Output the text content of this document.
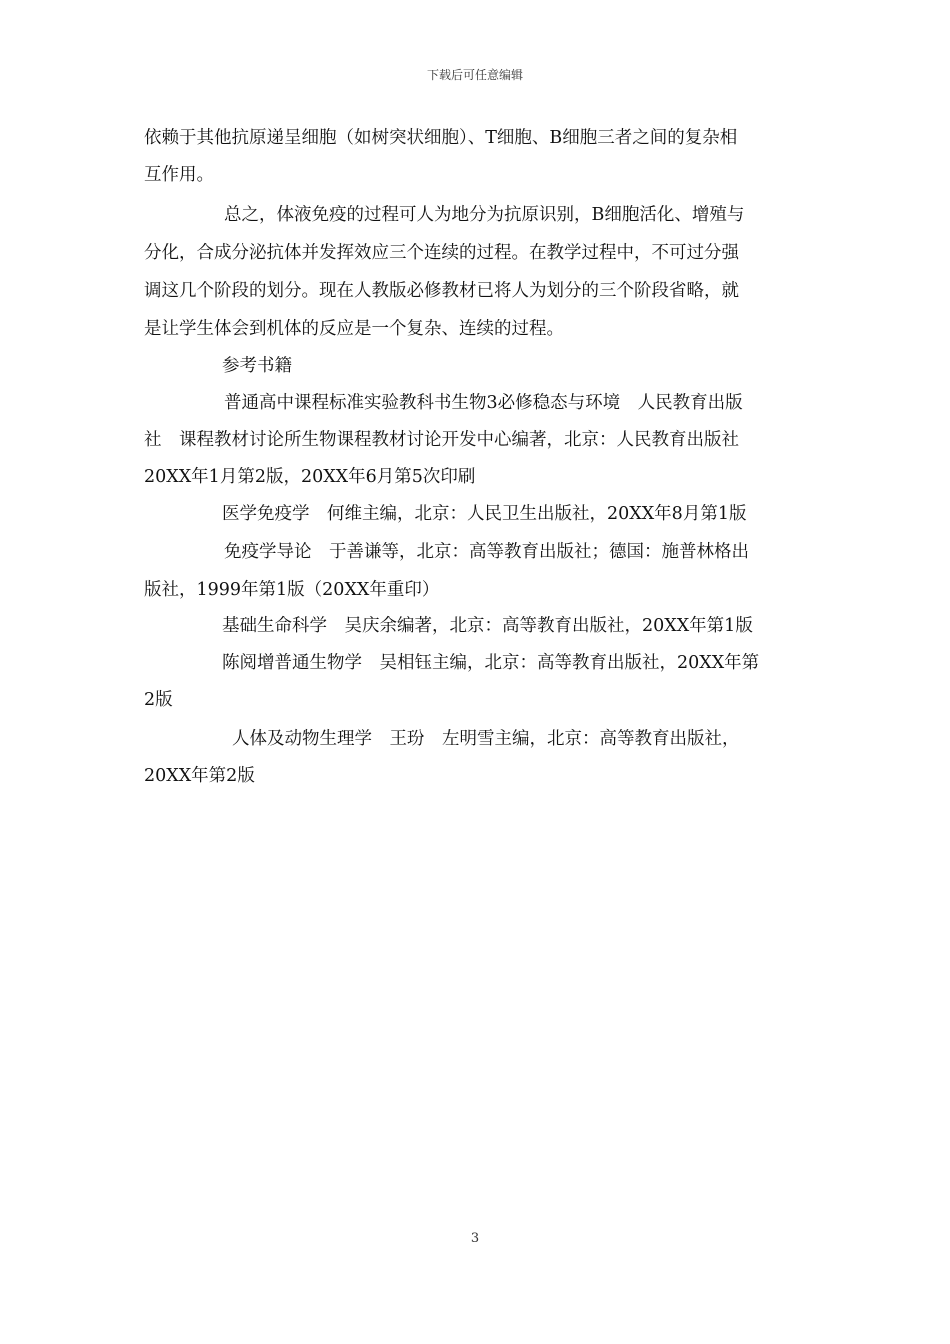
下载后可任意编辑
依赖于其他抗原递呈细胞（如树突状细胞）、T细胞、B细胞三者之间的复杂相
互作用。
总之，体液免疫的过程可人为地分为抗原识别，B细胞活化、增殖与
分化，合成分泌抗体并发挥效应三个连续的过程。在教学过程中，不可过分强
调这几个阶段的划分。现在人教版必修教材已将人为划分的三个阶段省略，就
是让学生体会到机体的反应是一个复杂、连续的过程。
参考书籍
普通高中课程标准实验教科书生物3必修稳态与环境　人民教育出版
社　课程教材讨论所生物课程教材讨论开发中心编著，北京：人民教育出版社
20XX年1月第2版，20XX年6月第5次印刷
医学免疫学　何维主编，北京：人民卫生出版社，20XX年8月第1版
免疫学导论　于善谦等，北京：高等教育出版社；德国：施普林格出
版社，1999年第1版（20XX年重印）
基础生命科学　吴庆余编著，北京：高等教育出版社，20XX年第1版
陈阅增普通生物学　吴相钰主编，北京：高等教育出版社，20XX年第
2版
人体及动物生理学　王玢　左明雪主编，北京：高等教育出版社，
20XX年第2版
3
